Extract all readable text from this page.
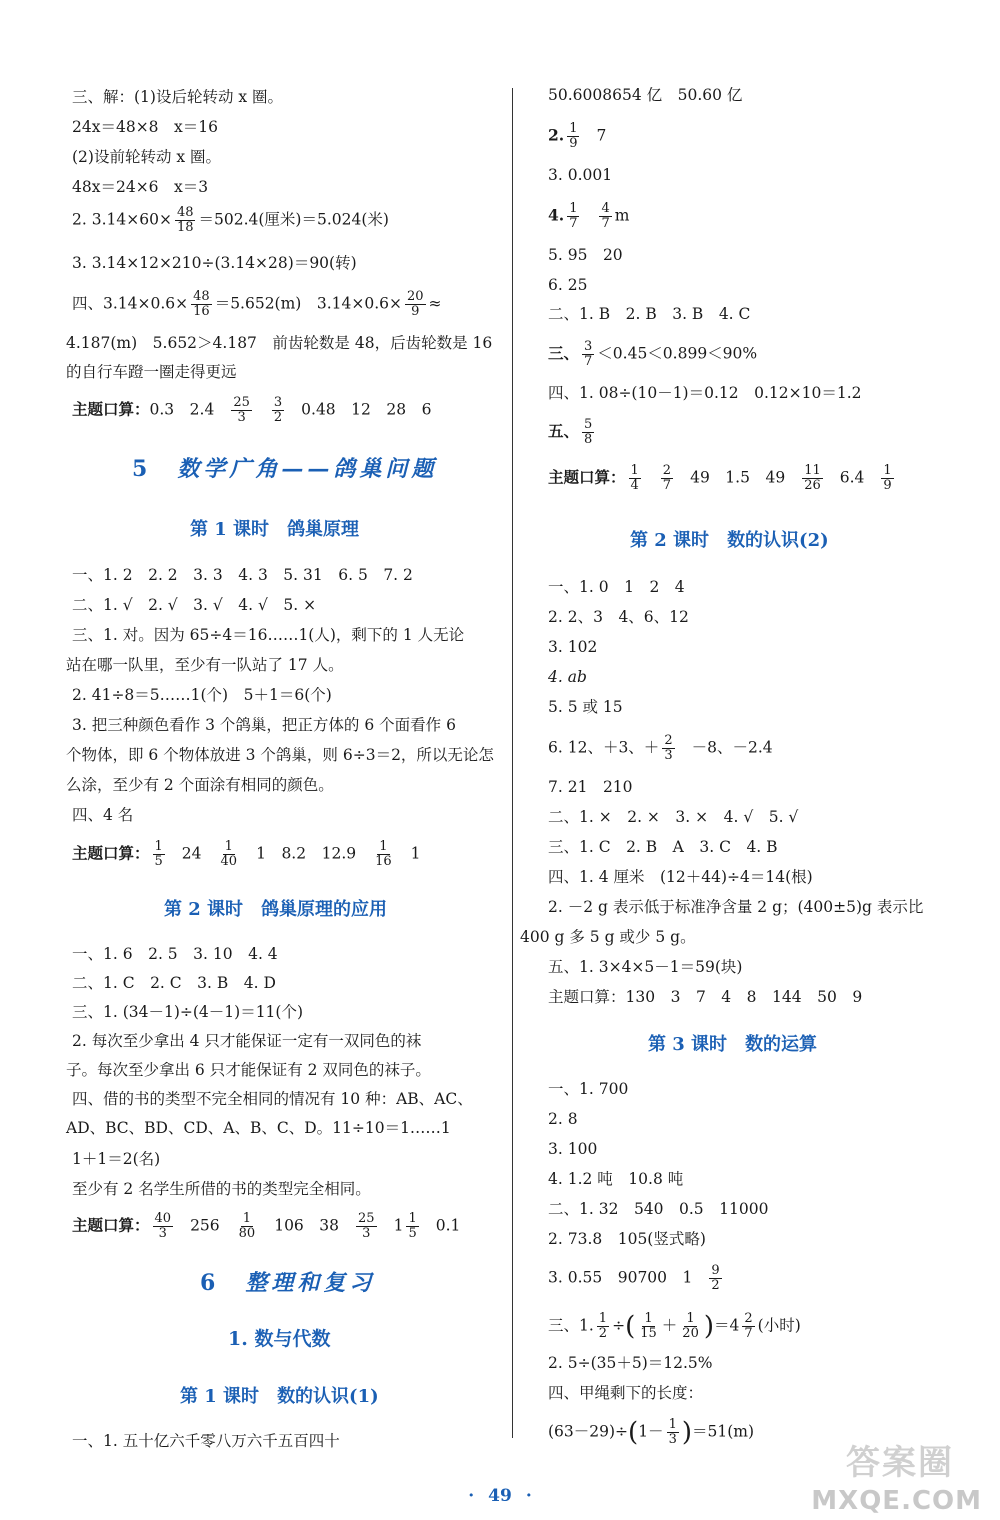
三、解：(1)设后轮转动 x 圈。
24x＝48×8　x＝16
(2)设前轮转动 x 圈。
48x＝24×6　x＝3
2. $3.14\times 60\times \frac{48}{18} =502.4$(厘米)＝5.024(米)
3. 3.14×12×210÷(3.14×28)＝90(转)
四、$3.14\times 0.6\times \frac{48}{16} =5.652(m)$　$3.14\times 0.6\times \frac{20}{9}$ ≈
4.187(m)　5.652＞4.187　前齿轮数是 48，后齿轮数是 16
的自行车蹬一圈走得更远
主题口算：0.3　$2.4 \frac{25}{3} \frac{3}{2} 0.48$　12　28　6
5 数学广角——鸽巢问题
第 1 课时 鸽巢原理
一、1. 2　2. 2　3. 3　4. 3　5. 31　6. 5　7. 2
二、1. √　2. √　3. √　4. √　5. ×
三、1. 对。因为 65÷4＝16……1(人)，剩下的 1 人无论
站在哪一队里，至少有一队站了 17 人。
2. 41÷8＝5……1(个)　5＋1＝6(个)
3. 把三种颜色看作 3 个鸽巢，把正方体的 6 个面看作 6
个物体，即 6 个物体放进 3 个鸽巢，则 6÷3＝2，所以无论怎
么涂，至少有 2 个面涂有相同的颜色。
四、4 名
主题口算： $\frac{1}{5} 24 \frac{1}{40} 1$　8.2　$12.9 \frac{1}{16} 1$
第 2 课时 鸽巢原理的应用
一、1. 6　2. 5　3. 10　4. 4
二、1. C　2. C　3. B　4. D
三、1. (34－1)÷(4－1)＝11(个)
2. 每次至少拿出 4 只才能保证一定有一双同色的袜
子。每次至少拿出 6 只才能保证有 2 双同色的袜子。
四、借的书的类型不完全相同的情况有 10 种：AB、AC、
AD、BC、BD、CD、A、B、C、D。11÷10＝1……1
1＋1＝2(名)
至少有 2 名学生所借的书的类型完全相同。
主题口算： $\frac{40}{3} 256 \frac{1}{80} 106$　$38 \frac{25}{3} 1 \frac{1}{5} 0.1$
6 整理和复习
1. 数与代数
第 1 课时 数的认识(1)
一、1. 五十亿六千零八万六千五百四十
50.6008654 亿　50.60 亿
2. $\frac{1}{9} 7$
3. 0.001
4. $\frac{1}{7} \frac{4}{7}$ m
5. 95　20
6. 25
二、1. B　2. B　3. B　4. C
三、 $\frac{3}{7} <0.45<0.899<90\%$
四、1. 08÷(10－1)＝0.12　0.12×10＝1.2
五、 $\frac{5}{8}$
主题口算： $\frac{1}{4} \frac{2}{7} 49$　1.5　$49 \frac{11}{26} 6.4 \frac{1}{9}$
第 2 课时 数的认识(2)
一、1. 0　1　2　4
2. 2、3　4、6、12
3. 102
4. ab
5. 5 或 15
6. 12、＋3、＋ $\frac{2}{3} -8$、－2.4
7. 21　210
二、1. ×　2. ×　3. ×　4. √　5. √
三、1. C　2. B　A　3. C　4. B
四、1. 4 厘米　(12＋44)÷4＝14(根)
2. －2 g 表示低于标准净含量 2 g；(400±5)g 表示比
400 g 多 5 g 或少 5 g。
五、1. 3×4×5－1＝59(块)
主题口算：130　3　7　4　8　144　50　9
第 3 课时 数的运算
一、1. 700
2. 8
3. 100
4. 1.2 吨　10.8 吨
二、1. 32　540　0.5　11000
2. 73.8　105(竖式略)
3. 0.55　90700　$1 \frac{9}{2}$
三、1. $\frac{1}{2}$ ÷( $\frac{1}{15} + \frac{1}{20} )=4 \frac{2}{7}$ (小时)
2. 5÷(35＋5)＝12.5%
四、甲绳剩下的长度：
$(63-29)\div(1- \frac{1}{3} )=51(m)$
· 49 ·
答案圈
MXQE.COM
